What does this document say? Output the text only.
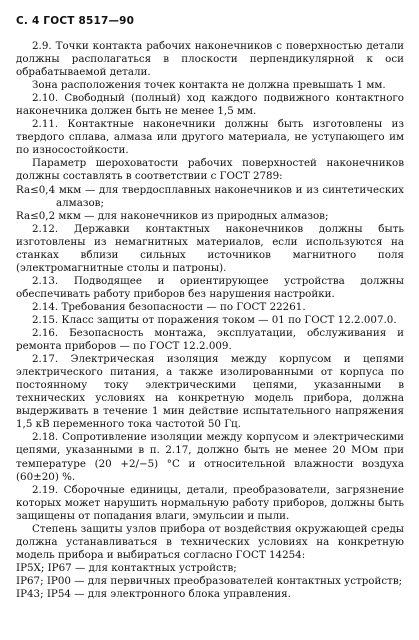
С. 4 ГОСТ 8517—90

2.9. Точки контакта рабочих наконечников с поверхностью детали должны располагаться в плоскости перпендикулярной к оси обрабатываемой детали.

Зона расположения точек контакта не должна превышать 1 мм.

2.10. Свободный (полный) ход каждого подвижного контактного наконечника должен быть не менее 1,5 мм.

2.11. Контактные наконечники должны быть изготовлены из твердого сплава, алмаза или другого материала, не уступающего им по износостойкости.

Параметр шероховатости рабочих поверхностей наконечников должны составлять в соответствии с ГОСТ 2789:

Ra≤0,4 мкм — для твердосплавных наконечников и из синтетических алмазов;

Ra≤0,2 мкм — для наконечников из природных алмазов;

2.12. Державки контактных наконечников должны быть изготовлены из немагнитных материалов, если используются на станках вблизи сильных источников магнитного поля (электромагнитные столы и патроны).

2.13. Подводящее и ориентирующее устройства должны обеспечивать работу приборов без нарушения настройки.

2.14. Требования безопасности — по ГОСТ 22261.

2.15. Класс защиты от поражения током — 01 по ГОСТ 12.2.007.0.

2.16. Безопасность монтажа, эксплуатации, обслуживания и ремонта приборов — по ГОСТ 12.2.009.

2.17. Электрическая изоляция между корпусом и цепями электрического питания, а также изолированными от корпуса по постоянному току электрическими цепями, указанными в технических условиях на конкретную модель прибора, должна выдерживать в течение 1 мин действие испытательного напряжения 1,5 кВ переменного тока частотой 50 Гц.

2.18. Сопротивление изоляции между корпусом и электрическими цепями, указанными в п. 2.17, должно быть не менее 20 МОм при температуре (20 +2/−5) °С и относительной влажности воздуха (60±20) %.

2.19. Сборочные единицы, детали, преобразователи, загрязнение которых может нарушить нормальную работу приборов, должны быть защищены от попадания влаги, эмульсии и пыли.

Степень защиты узлов прибора от воздействия окружающей среды должна устанавливаться в технических условиях на конкретную модель прибора и выбираться согласно ГОСТ 14254:

IP5X; IP67 — для контактных устройств;

IP67; IP00 — для первичных преобразователей контактных устройств;

IP43; IP54 — для электронного блока управления.
